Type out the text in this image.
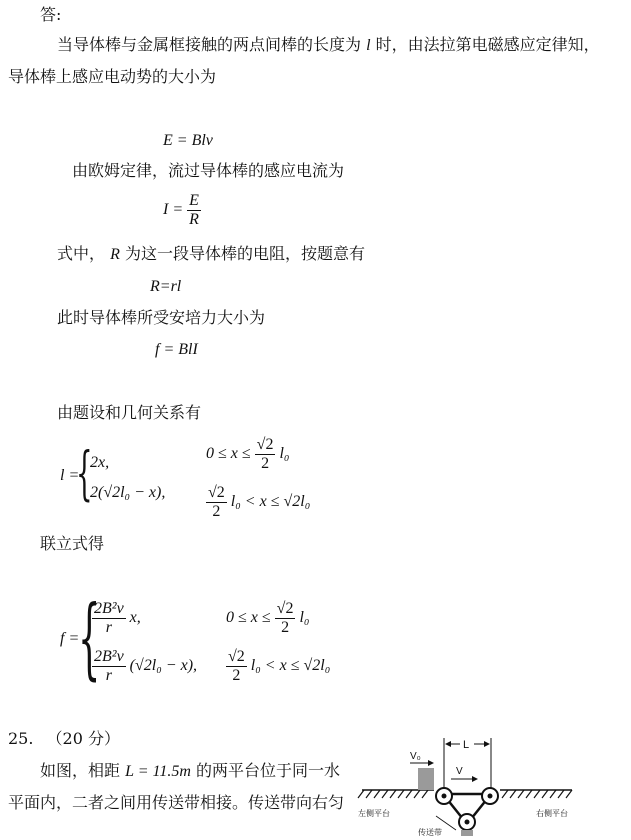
答:
当导体棒与金属框接触的两点间棒的长度为 l 时，由法拉第电磁感应定律知，
导体棒上感应电动势的大小为
E = Blv
由欧姆定律，流过导体棒的感应电流为
$I = \frac{E}{R}$
式中， R 为这一段导体棒的电阻，按题意有
R=rl
此时导体棒所受安培力大小为
f = BlI
由题设和几何关系有
l =
{
2x,
2(√2l₀ − x),
$0 \le x \le \frac{√2}{2} l_0$
$\frac{√2}{2} l_0 < x \le √2l_0$
联立式得
f =
{
$\frac{\text{2B²v}}{r} x$,
$\frac{\text{2B²v}}{r} (√2l_0 - x)$,
$0 \le x \le \frac{√2}{2} l_0$
$\frac{√2}{2} l_0 < x \le √2l_0$
25. （20 分）
如图，相距 L = 11.5m 的两平台位于同一水
平面内，二者之间用传送带相接。传送带向右匀
L
V₀
V
左侧平台	右侧平台
传送带
